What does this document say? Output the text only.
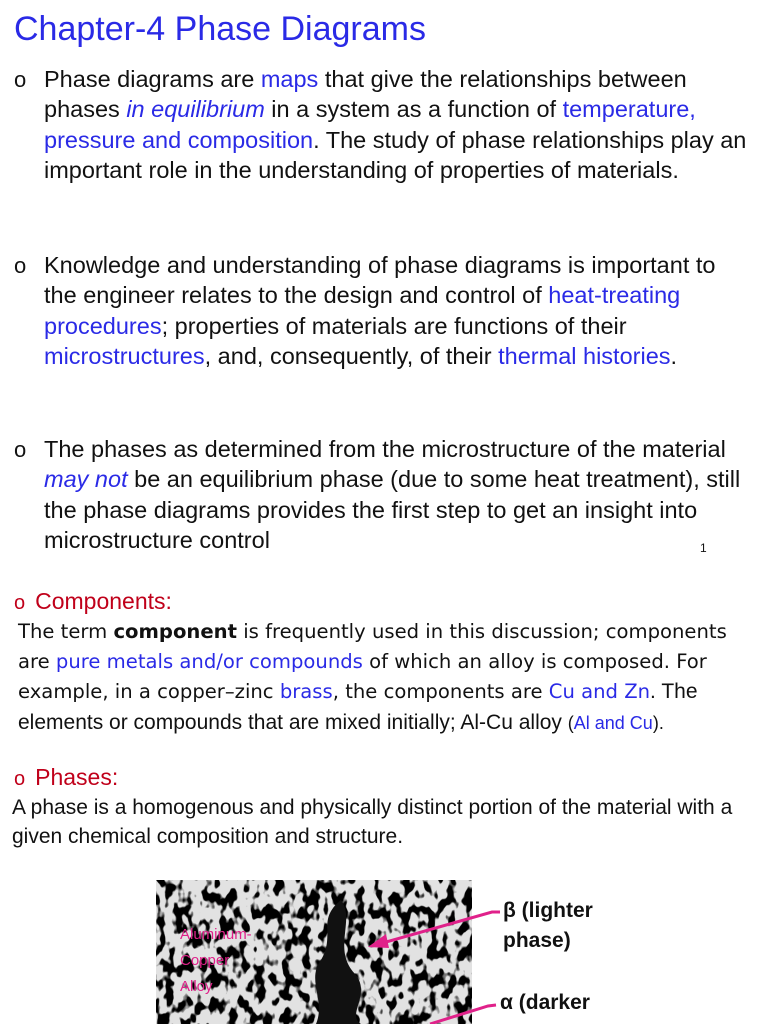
Chapter-4 Phase Diagrams
o Phase diagrams are maps that give the relationships between phases in equilibrium in a system as a function of temperature, pressure and composition. The study of phase relationships play an important role in the understanding of properties of materials.

o Knowledge and understanding of phase diagrams is important to the engineer relates to the design and control of heat-treating procedures; properties of materials are functions of their microstructures, and, consequently, of their thermal histories.

o The phases as determined from the microstructure of the material may not be an equilibrium phase (due to some heat treatment), still the phase diagrams provides the first step to get an insight into microstructure control	1
o Components:

The term component is frequently used in this discussion; components are pure metals and/or compounds of which an alloy is composed. For example, in a copper–zinc brass, the components are Cu and Zn. The elements or compounds that are mixed initially; Al-Cu alloy (Al and Cu).

o Phases:

A phase is a homogenous and physically distinct portion of the material with a given chemical composition and structure.

Aluminum-
Copper
Alloy
β (lighter
phase)
α (darker
